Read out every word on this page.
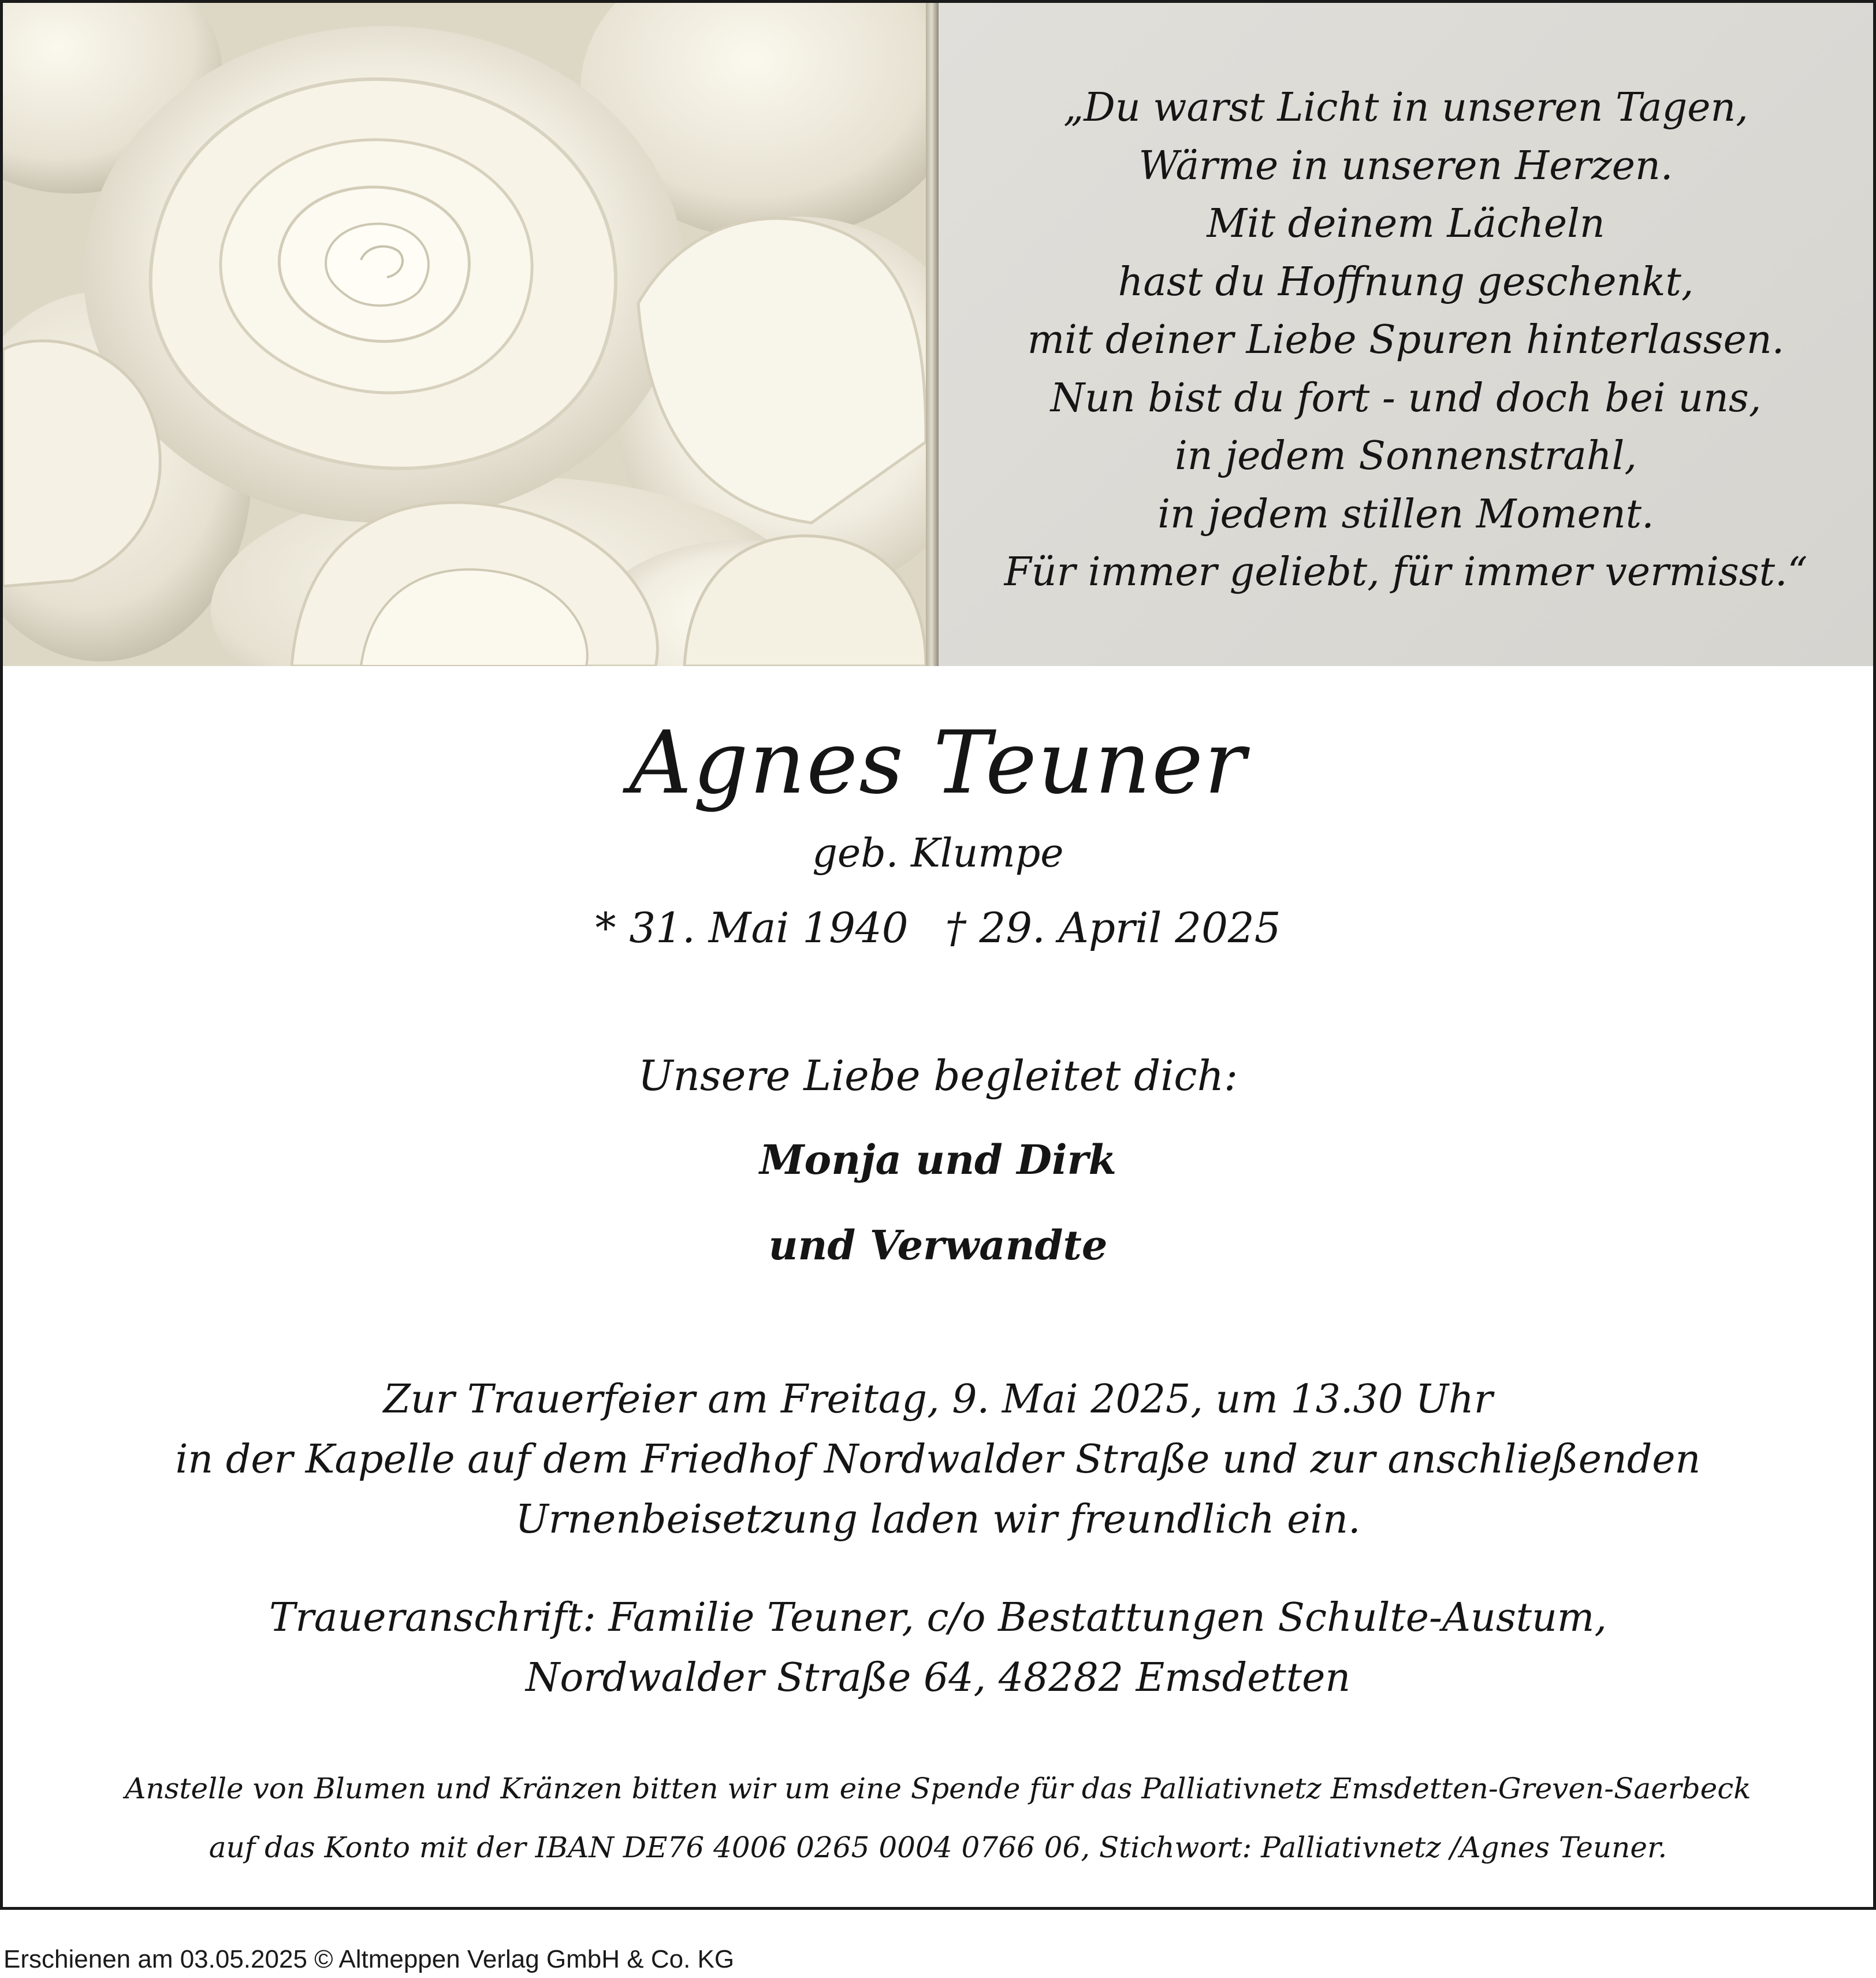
„Du warst Licht in unseren Tagen,
Wärme in unseren Herzen.
Mit deinem Lächeln
hast du Hoffnung geschenkt,
mit deiner Liebe Spuren hinterlassen.
Nun bist du fort - und doch bei uns,
in jedem Sonnenstrahl,
in jedem stillen Moment.
Für immer geliebt, für immer vermisst.“
Agnes Teuner
geb. Klumpe
* 31. Mai 1940 † 29. April 2025
Unsere Liebe begleitet dich:
Monja und Dirk
und Verwandte
Zur Trauerfeier am Freitag, 9. Mai 2025, um 13.30 Uhr
in der Kapelle auf dem Friedhof Nordwalder Straße und zur anschließenden
Urnenbeisetzung laden wir freundlich ein.
Traueranschrift: Familie Teuner, c/o Bestattungen Schulte-Austum,
Nordwalder Straße 64, 48282 Emsdetten
Anstelle von Blumen und Kränzen bitten wir um eine Spende für das Palliativnetz Emsdetten-Greven-Saerbeck
auf das Konto mit der IBAN DE76 4006 0265 0004 0766 06, Stichwort: Palliativnetz /Agnes Teuner.
Erschienen am 03.05.2025 © Altmeppen Verlag GmbH & Co. KG
